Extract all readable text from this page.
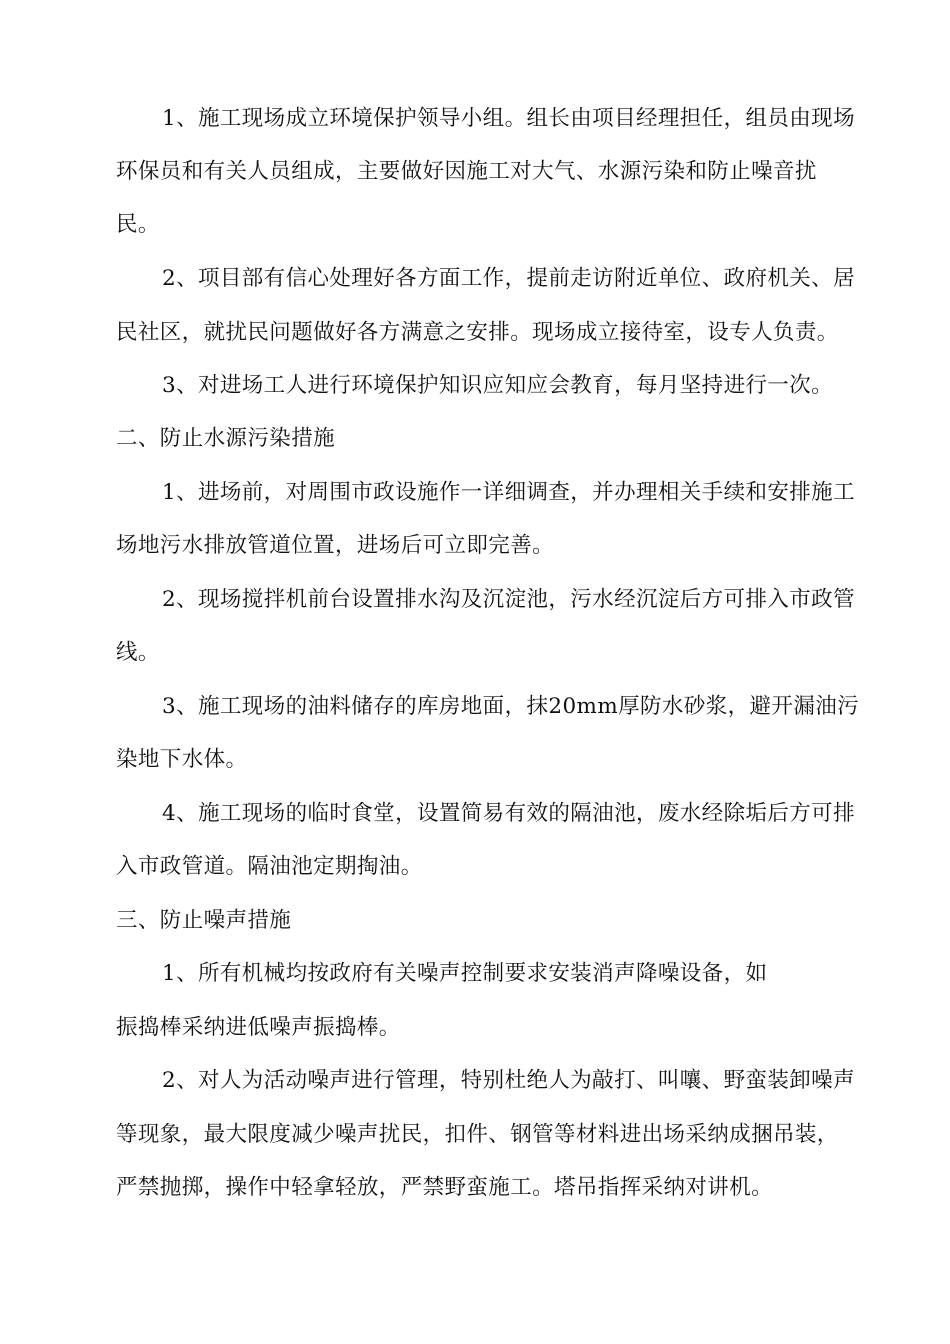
1、施工现场成立环境保护领导小组。组长由项目经理担任，组员由现场
环保员和有关人员组成，主要做好因施工对大气、水源污染和防止噪音扰
民。
2、项目部有信心处理好各方面工作，提前走访附近单位、政府机关、居
民社区，就扰民问题做好各方满意之安排。现场成立接待室，设专人负责。
3、对进场工人进行环境保护知识应知应会教育，每月坚持进行一次。
二、防止水源污染措施
1、进场前，对周围市政设施作一详细调查，并办理相关手续和安排施工
场地污水排放管道位置，进场后可立即完善。
2、现场搅拌机前台设置排水沟及沉淀池，污水经沉淀后方可排入市政管
线。
3、施工现场的油料储存的库房地面，抹20mm厚防水砂浆，避开漏油污
染地下水体。
4、施工现场的临时食堂，设置简易有效的隔油池，废水经除垢后方可排
入市政管道。隔油池定期掏油。
三、防止噪声措施
1、所有机械均按政府有关噪声控制要求安装消声降噪设备，如
振捣棒采纳进低噪声振捣棒。
2、对人为活动噪声进行管理，特别杜绝人为敲打、叫嚷、野蛮装卸噪声
等现象，最大限度减少噪声扰民，扣件、钢管等材料进出场采纳成捆吊装，
严禁抛掷，操作中轻拿轻放，严禁野蛮施工。塔吊指挥采纳对讲机。
